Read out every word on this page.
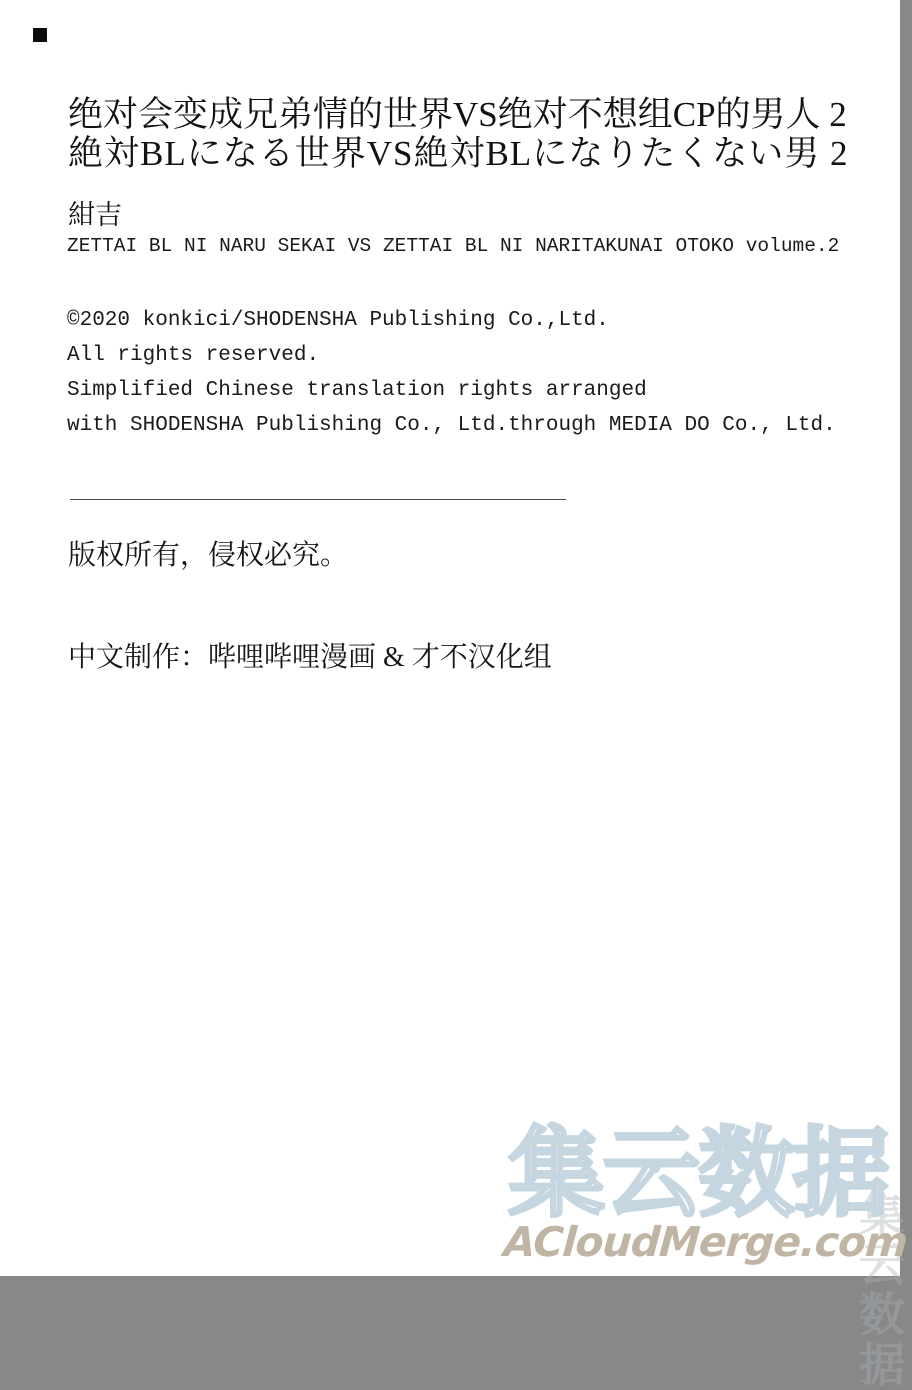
绝对会变成兄弟情的世界VS绝对不想组CP的男人 2
絶対BLになる世界VS絶対BLになりたくない男 2
紺吉
ZETTAI BL NI NARU SEKAI VS ZETTAI BL NI NARITAKUNAI OTOKO volume.2
©2020 konkici/SHODENSHA Publishing Co.,Ltd.
All rights reserved.
Simplified Chinese translation rights arranged
with SHODENSHA Publishing Co., Ltd.through MEDIA DO Co., Ltd.
版权所有，侵权必究。
中文制作：哔哩哔哩漫画 & 才不汉化组
集云数据
集云数据
ACloudMerge.com
